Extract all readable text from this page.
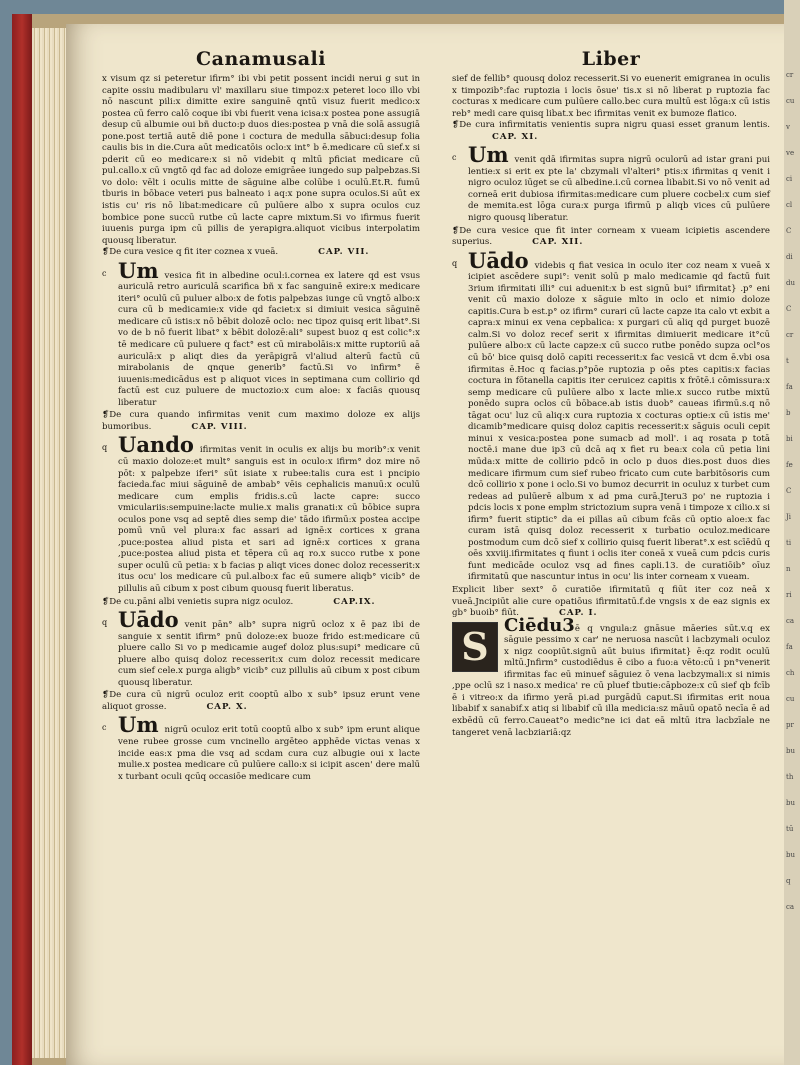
Canamusali

x visum qz si peteretur ifirm° ibi vbi petit possent incidi nerui g sut in capite ossiu madibularu vl' maxillaru siue timpoz:x peteret loco illo vbi nō nascunt pili:x dimitte exire sanguinē qntū visuz fuerit medico:x postea cū ferro calō coque ibi vbi fuerit vena icisa:x postea pone assugiā desup cū albumie oui bñ ducto:p duos dies:postea p vnā die solā assugiā pone.post tertiā autē diē pone i coctura de medulla sābuci:desup folia caulis bis in die.Cura aūt medicatōis oclo:x int° b ē.medicare cū sief.x si pderit cū eo medicare:x si nō videbit q mltū pficiat medicare cū pul.callo.x cū vngtō qd fac ad doloze emigrāee iungedo sup palpebzas.Si vo dolo: vēlt i oculis mitte de sāguine albe colūbe i oculū.Et.R. fumū tburis in bōbace veteri pus balneato i aq:x pone supra oculos.Si aūt ex istis cu' ris nō libat:medicare cū pulūere albo x supra oculos cuz bombice pone succū rutbe cū lacte capre mixtum.Si vo ifirmus fuerit iuuenis purga ipm cū pillis de yerapigra.aliquot vicibus interpolatim quousq liberatur.

❡De cura vesice q fit iter coznea x vueā.	CAP. VII.

c Um vesica fit in albedine ocul:i.cornea ex latere qd est vsus auriculā retro auriculā scarifica bñ x fac sanguinē exire:x medicare iteri° oculū cū puluer albo:x de fotis palpebzas iunge cū vngtō albo:x cura cū b medicamie:x vide qd faciet:x si dimiuit vesica sāguinē medicare cū istis:x nō bēbit dolozē oclo: nec tipoz quisq erit libat°.Si vo de b nō fuerit libat° x bēbit dolozē:ali° supest buoz q est colic°:x tē medicare cū puluere q fact° est cū mirabolāis:x mitte ruptoriū aā auriculā:x p aliqt dies da yerāpigrā vl'aliud alterū factū cū mirabolanis de qnque generib° factū.Si vo infirm° ē iuuenis:medicādus est p aliquot vices in septimana cum collirio qd factū est cuz puluere de muctozio:x cum aloe: x faciās quousq liberatur

❡De cura quando infirmitas venit cum maximo doloze ex alijs bumoribus.	CAP. VIII.

q Uando ifirmitas venit in oculis ex alijs bu morib°:x venit cū maxio doloze:et mult° sanguis est in oculo:x ifirm° doz mire nō pōt: x palpebze iferi° sūt isiate x rubee:talis cura est i pncipio facieda.fac miui sāguinē de ambab° vēis cephalicis manuū:x oculū medicare cum emplis fridis.s.cū lacte capre: succo vmiculariis:sempuine:lacte mulie.x malis granati:x cū bōbice supra oculos pone vsq ad septē dies semp die' tādo ifirmū:x postea accipe pomū vnū vel plura:x fac assari ad ignē:x cortices x grana ,puce:postea aliud pista et sari ad ignē:x cortices x grana ,puce:postea aliud pista et tēpera cū aq ro.x succo rutbe x pone super oculū cū petia: x b facias p aliqt vices donec doloz recesserit:x itus ocu' los medicare cū pul.albo:x fac eū sumere aliqb° vicib° de pillulis aū cibum x post cibum quousq fuerit liberatus.

❡De cu.pāni albi venietis supra nigz oculoz.	CAP.IX.

q Uādo venit pān° alb° supra nigrū ocloz x ē paz ibi de sanguie x sentit ifirm° pnū doloze:ex buoze frido est:medicare cū pluere callo Si vo p medicamie augef doloz plus:supi° medicare cū pluere albo quisq doloz recesserit:x cum doloz recessit medicare cum sief cele.x purga aligb° vicib° cuz pillulis aū cibum x post cibum quousq liberatur.

❡De cura cū nigrū oculoz erit cooptū albo x sub° ipsuz erunt vene aliquot grosse.	CAP. X.

c Um nigrū oculoz erit totū cooptū albo x sub° ipm erunt alique vene rubee grosse cum vncinello argēteo apphēde victas venas x incide eas:x pma die vsq ad scdam cura cuz albugie oui x lacte mulie.x postea medicare cū pulūere callo:x si icipit ascen' dere malū x turbant oculi qcūq occasiōe medicare cum
Liber

sief de fellib° quousq doloz recesserit.Si vo euenerit emigranea in oculis x timpozib°:fac ruptozia i locis ōsue' tis.x si nō liberat p ruptozia fac cocturas x medicare cum pulūere callo.bec cura multū est lōga:x cū istis reb° medi care quisq libat.x bec ifirmitas venit ex bumoze flatico.

❡De cura infirmitatis venientis supra nigru quasi esset granum lentis.CAP. XI.

c Um venit qdā ifirmitas supra nigrū oculorū ad istar grani pui lentie:x si erit ex pte la' cbzymali vl'alteri° ptis:x ifirmitas q venit i nigro oculoz iūget se cū albedine.i.cū cornea libabit.Si vo nō venit ad corneā erit dubiosa ifirmitas:medicare cum pluere cocbel:x cum sief de memita.est lōga cura:x purga ifirmū p aliqb vices cū pulūere nigro quousq liberatur.

❡De cura vesice que fit inter corneam x vueam icipietis ascendere superius.	CAP. XII.

q Uādo videbis q fiat vesica in oculo iter coz neam x vueā x icipiet ascēdere supi°: venit solū p malo medicamie qd factū fuit 3rium ifirmitati illi° cui aduenit:x b est signū bui° ifirmitat} .p° eni venit cū maxio doloze x sāguie mlto in oclo et nimio doloze capitis.Cura b est.p° oz ifirm° curari cū lacte capze ita calo vt exbit a capra:x minui ex vena cepbalica: x purgari cū aliq qd purget buozē calm.Si vo doloz recef serit x ifirmitas dimiuerit medicare it°cū pulūere albo:x cū lacte capze:x cū succo rutbe ponēdo supza ocl°os cū bō' bice quisq dolō capiti recesserit:x fac vesicā vt dcm ē.vbi osa ifirmitas ē.Hoc q facias.p°pōe ruptozia p oēs ptes capitis:x facias coctura in fōtanella capitis iter ceruicez capitis x frōtē.i cōmissura:x semp medicare cū pulūere albo x lacte mlie.x succo rutbe mixtū ponēdo supra oclos cū bōbace.ab istis duob° caueas ifirmū.s.q nō tāgat ocu' luz cū aliq:x cura ruptozia x cocturas optie:x cū istis me' dicamib°medicare quisq doloz capitis recesserit:x sāguis oculi cepit minui x vesica:postea pone sumacb ad moll'. i aq rosata p totā noctē.i mane due ip3 cū dcā aq x fiet ru bea:x cola cū petia lini mūda:x mitte de collirio pdcō in oclo p duos dies.post duos dies medicare ifirmum cum sief rubeo fricato cum cute barbitōsoris cum dcō collirio x pone i oclo.Si vo bumoz decurrit in oculuz x turbet cum redeas ad pulūerē album x ad pma curā.Jteru3 po' ne ruptozia i pdcis locis x pone emplm strictozium supra venā i timpoze x cilio.x si ifirm° fuerit stiptic° da ei pillas aū cibum fcās cū optio aloe:x fac curam istā quisq doloz recesserit x turbatio oculoz.medicare postmodum cum dcō sief x collirio quisq fuerit liberat°.x est scīēdū q oēs xxviij.ifirmitates q fiunt i oclis iter coneā x vueā cum pdcis curis funt medicāde oculoz vsq ad fines capli.13. de curatiōib° oīuz ifirmitatū que nascuntur intus in ocu' lis inter corneam x vueam.

Explicit liber sext° ō curatiōe ifirmitatū q fiūt iter coz neā x vueā.Jncipiūt alie cure opatiōus ifirmitatū.f.de vngsis x de eaz signis ex gb° buoib° fiūt.	CAP. I.

S Ciēdu3ē q vngula:z gnāsue māeries sūt.v.q ex sāguie pessimo x car' ne neruosa nascūt i lacbzymali oculoz x nigz coopiūt.signū aūt buius ifirmitat} ē:qz rodit oculū mltū.Jnfirm° custodiēdus ē cibo a fuo:a vēto:cū i pn°venerit ifirmitas fac eū minuef sāguiez ō vena lacbzymali:x si nimis ,ppe oclū sz i naso.x medica' re cū pluef tbutie:cāpboze:x cū sief qb fcīb ē i vitreo:x da ifirmo yerā pi.ad purgādū caput.Si ifirmitas erit noua libabif x sanabif.x atiq si libabif cū illa medicia:sz māuū opatō necīa ē ad exbēdū cū ferro.Caueat°o medic°ne ici dat eā mltū itra lacbzīale ne tangeret venā lacbziariā:qz

cr
cu
v
ve
ci
cl
C
di
du
C
cr
t
fa
b
bi
fe
C
Ji
ti
n
ri
ca
fa
ch
cu
pr
bu
th
bu
tū
bu
q
ca
